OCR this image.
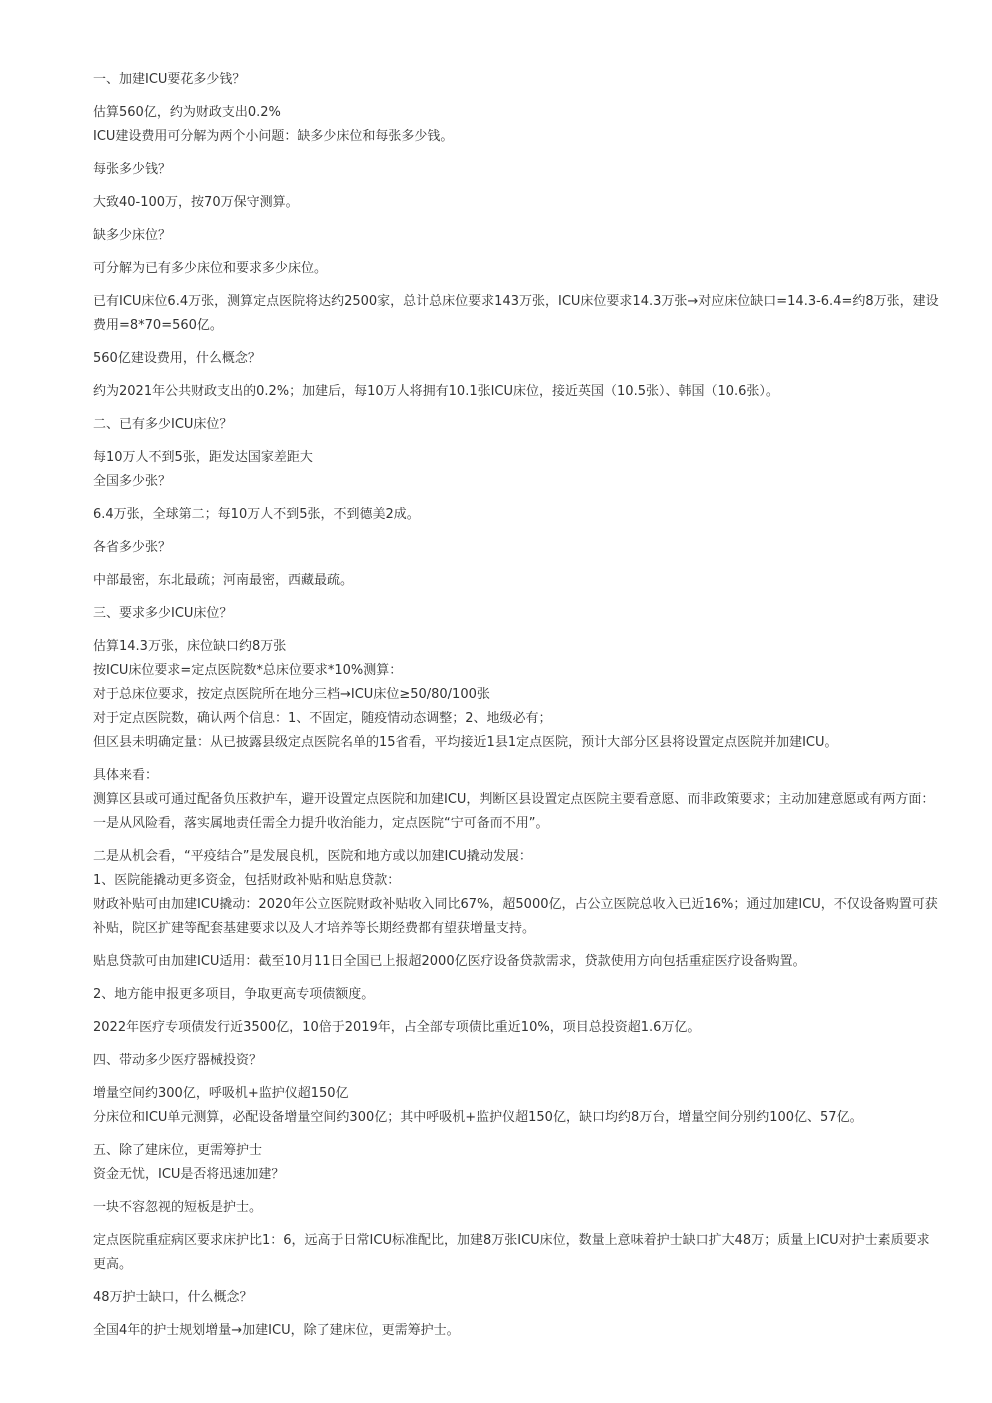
一、加建ICU要花多少钱？

估算560亿，约为财政支出0.2%

ICU建设费用可分解为两个小问题：缺多少床位和每张多少钱。

每张多少钱？

大致40-100万，按70万保守测算。

缺多少床位？

可分解为已有多少床位和要求多少床位。

已有ICU床位6.4万张，测算定点医院将达约2500家，总计总床位要求143万张，ICU床位要求14.3万张→对应床位缺口=14.3-6.4=约8万张，建设费用=8*70=560亿。

560亿建设费用，什么概念？

约为2021年公共财政支出的0.2%；加建后，每10万人将拥有10.1张ICU床位，接近英国（10.5张）、韩国（10.6张）。

二、已有多少ICU床位？

每10万人不到5张，距发达国家差距大

全国多少张？

6.4万张，全球第二；每10万人不到5张，不到德美2成。

各省多少张？

中部最密，东北最疏；河南最密，西藏最疏。

三、要求多少ICU床位？

估算14.3万张，床位缺口约8万张

按ICU床位要求=定点医院数*总床位要求*10%测算：

对于总床位要求，按定点医院所在地分三档→ICU床位≥50/80/100张

对于定点医院数，确认两个信息：1、不固定，随疫情动态调整；2、地级必有；

但区县未明确定量：从已披露县级定点医院名单的15省看，平均接近1县1定点医院，预计大部分区县将设置定点医院并加建ICU。

具体来看：

测算区县或可通过配备负压救护车，避开设置定点医院和加建ICU，判断区县设置定点医院主要看意愿、而非政策要求；主动加建意愿或有两方面：

一是从风险看，落实属地责任需全力提升收治能力，定点医院“宁可备而不用”。

二是从机会看，“平疫结合”是发展良机，医院和地方或以加建ICU撬动发展：

1、医院能撬动更多资金，包括财政补贴和贴息贷款：

财政补贴可由加建ICU撬动：2020年公立医院财政补贴收入同比67%，超5000亿，占公立医院总收入已近16%；通过加建ICU，不仅设备购置可获补贴，院区扩建等配套基建要求以及人才培养等长期经费都有望获增量支持。

贴息贷款可由加建ICU适用：截至10月11日全国已上报超2000亿医疗设备贷款需求，贷款使用方向包括重症医疗设备购置。

2、地方能申报更多项目，争取更高专项债额度。

2022年医疗专项债发行近3500亿，10倍于2019年，占全部专项债比重近10%，项目总投资超1.6万亿。

四、带动多少医疗器械投资？

增量空间约300亿，呼吸机+监护仪超150亿

分床位和ICU单元测算，必配设备增量空间约300亿；其中呼吸机+监护仪超150亿，缺口均约8万台，增量空间分别约100亿、57亿。

五、除了建床位，更需筹护士

资金无忧，ICU是否将迅速加建？

一块不容忽视的短板是护士。

定点医院重症病区要求床护比1：6，远高于日常ICU标准配比，加建8万张ICU床位，数量上意味着护士缺口扩大48万；质量上ICU对护士素质要求更高。

48万护士缺口，什么概念？

全国4年的护士规划增量→加建ICU，除了建床位，更需筹护士。
